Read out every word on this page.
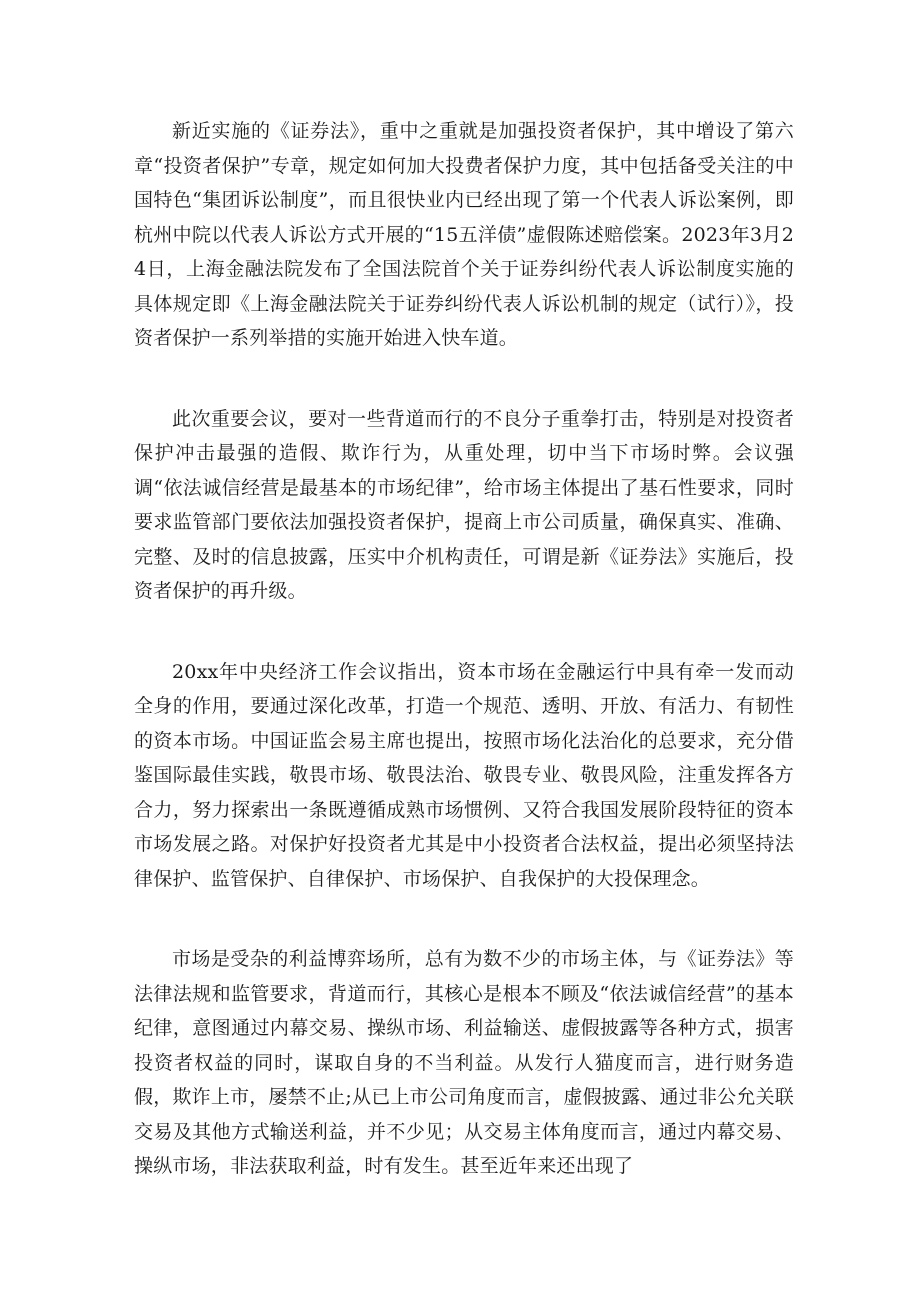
新近实施的《证券法》，重中之重就是加强投资者保护，其中增设了第六章“投资者保护”专章，规定如何加大投费者保护力度，其中包括备受关注的中国特色“集团诉讼制度”，而且很快业内已经出现了第一个代表人诉讼案例，即杭州中院以代表人诉讼方式开展的“15五洋债”虚假陈述赔偿案。2023年3月24日，上海金融法院发布了全国法院首个关于证券纠纷代表人诉讼制度实施的具体规定即《上海金融法院关于证券纠纷代表人诉讼机制的规定（试行）》，投资者保护一系列举措的实施开始进入快车道。

此次重要会议，要对一些背道而行的不良分子重拳打击，特别是对投资者保护冲击最强的造假、欺诈行为，从重处理，切中当下市场时弊。会议强调“依法诚信经营是最基本的市场纪律”，给市场主体提出了基石性要求，同时要求监管部门要依法加强投资者保护，提商上市公司质量，确保真实、准确、完整、及时的信息披露，压实中介机构责任，可谓是新《证券法》实施后，投资者保护的再升级。

20xx年中央经济工作会议指出，资本市场在金融运行中具有牵一发而动全身的作用，要通过深化改革，打造一个规范、透明、开放、有活力、有韧性的资本市场。中国证监会易主席也提出，按照市场化法治化的总要求，充分借鉴国际最佳实践，敬畏市场、敬畏法治、敬畏专业、敬畏风险，注重发挥各方合力，努力探索出一条既遵循成熟市场惯例、又符合我国发展阶段特征的资本市场发展之路。对保护好投资者尤其是中小投资者合法权益，提出必须坚持法律保护、监管保护、自律保护、市场保护、自我保护的大投保理念。

市场是受杂的利益博弈场所，总有为数不少的市场主体，与《证券法》等法律法规和监管要求，背道而行，其核心是根本不顾及“依法诚信经营”的基本纪律，意图通过内幕交易、操纵市场、利益输送、虚假披露等各种方式，损害投资者权益的同时，谋取自身的不当利益。从发行人猫度而言，进行财务造假，欺诈上市，屡禁不止;从已上市公司角度而言，虚假披露、通过非公允关联交易及其他方式输送利益，并不少见；从交易主体角度而言，通过内幕交易、操纵市场，非法获取利益，时有发生。甚至近年来还出现了
